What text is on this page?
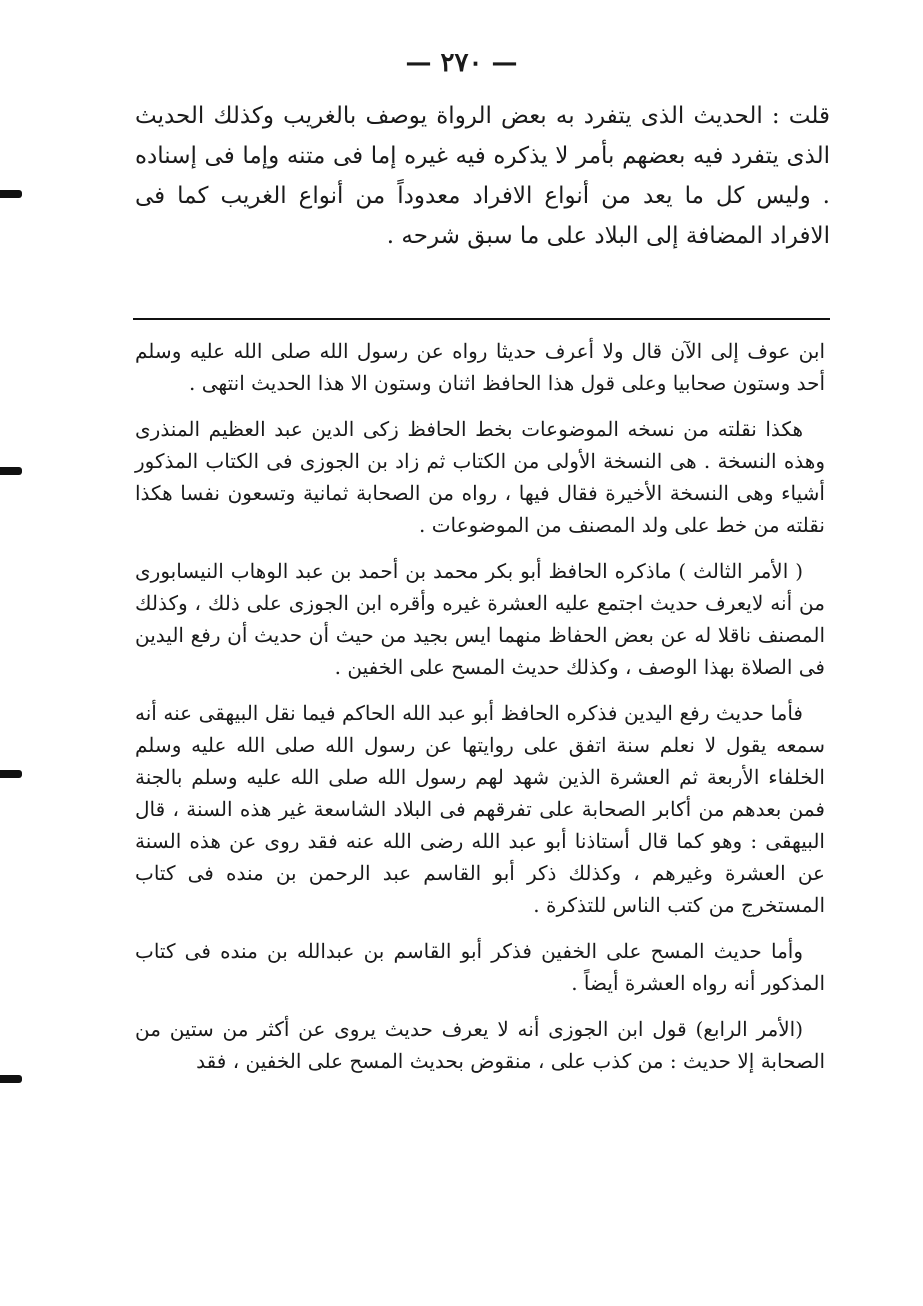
— ٢٧٠ —

قلت : الحديث الذى يتفرد به بعض الرواة يوصف بالغريب وكذلك الحديث الذى يتفرد فيه بعضهم بأمر لا يذكره فيه غيره إما فى متنه وإما فى إسناده . وليس كل ما يعد من أنواع الافراد معدوداً من أنواع الغريب كما فى الافراد المضافة إلى البلاد على ما سبق شرحه .

ابن عوف إلى الآن قال ولا أعرف حديثا رواه عن رسول الله صلى الله عليه وسلم أحد وستون صحابيا وعلى قول هذا الحافظ اثنان وستون الا هذا الحديث انتهى .

هكذا نقلته من نسخه الموضوعات بخط الحافظ زكى الدين عبد العظيم المنذرى وهذه النسخة . هى النسخة الأولى من الكتاب ثم زاد بن الجوزى فى الكتاب المذكور أشياء وهى النسخة الأخيرة فقال فيها ، رواه من الصحابة ثمانية وتسعون نفسا هكذا نقلته من خط على ولد المصنف من الموضوعات .

( الأمر الثالث ) ماذكره الحافظ أبو بكر محمد بن أحمد بن عبد الوهاب النيسابورى من أنه لايعرف حديث اجتمع عليه العشرة غيره وأقره ابن الجوزى على ذلك ، وكذلك المصنف ناقلا له عن بعض الحفاظ منهما ايس بجيد من حيث أن حديث أن رفع اليدين فى الصلاة بهذا الوصف ، وكذلك حديث المسح على الخفين .

فأما حديث رفع اليدين فذكره الحافظ أبو عبد الله الحاكم فيما نقل البيهقى عنه أنه سمعه يقول لا نعلم سنة اتفق على روايتها عن رسول الله صلى الله عليه وسلم الخلفاء الأربعة ثم العشرة الذين شهد لهم رسول الله صلى الله عليه وسلم بالجنة فمن بعدهم من أكابر الصحابة على تفرقهم فى البلاد الشاسعة غير هذه السنة ، قال البيهقى : وهو كما قال أستاذنا أبو عبد الله رضى الله عنه فقد روى عن هذه السنة عن العشرة وغيرهم ، وكذلك ذكر أبو القاسم عبد الرحمن بن منده فى كتاب المستخرج من كتب الناس للتذكرة .

وأما حديث المسح على الخفين فذكر أبو القاسم بن عبدالله بن منده فى كتاب المذكور أنه رواه العشرة أيضاً .

(الأمر الرابع) قول ابن الجوزى أنه لا يعرف حديث يروى عن أكثر من ستين من الصحابة إلا حديث : من كذب على ، منقوض بحديث المسح على الخفين ، فقد
